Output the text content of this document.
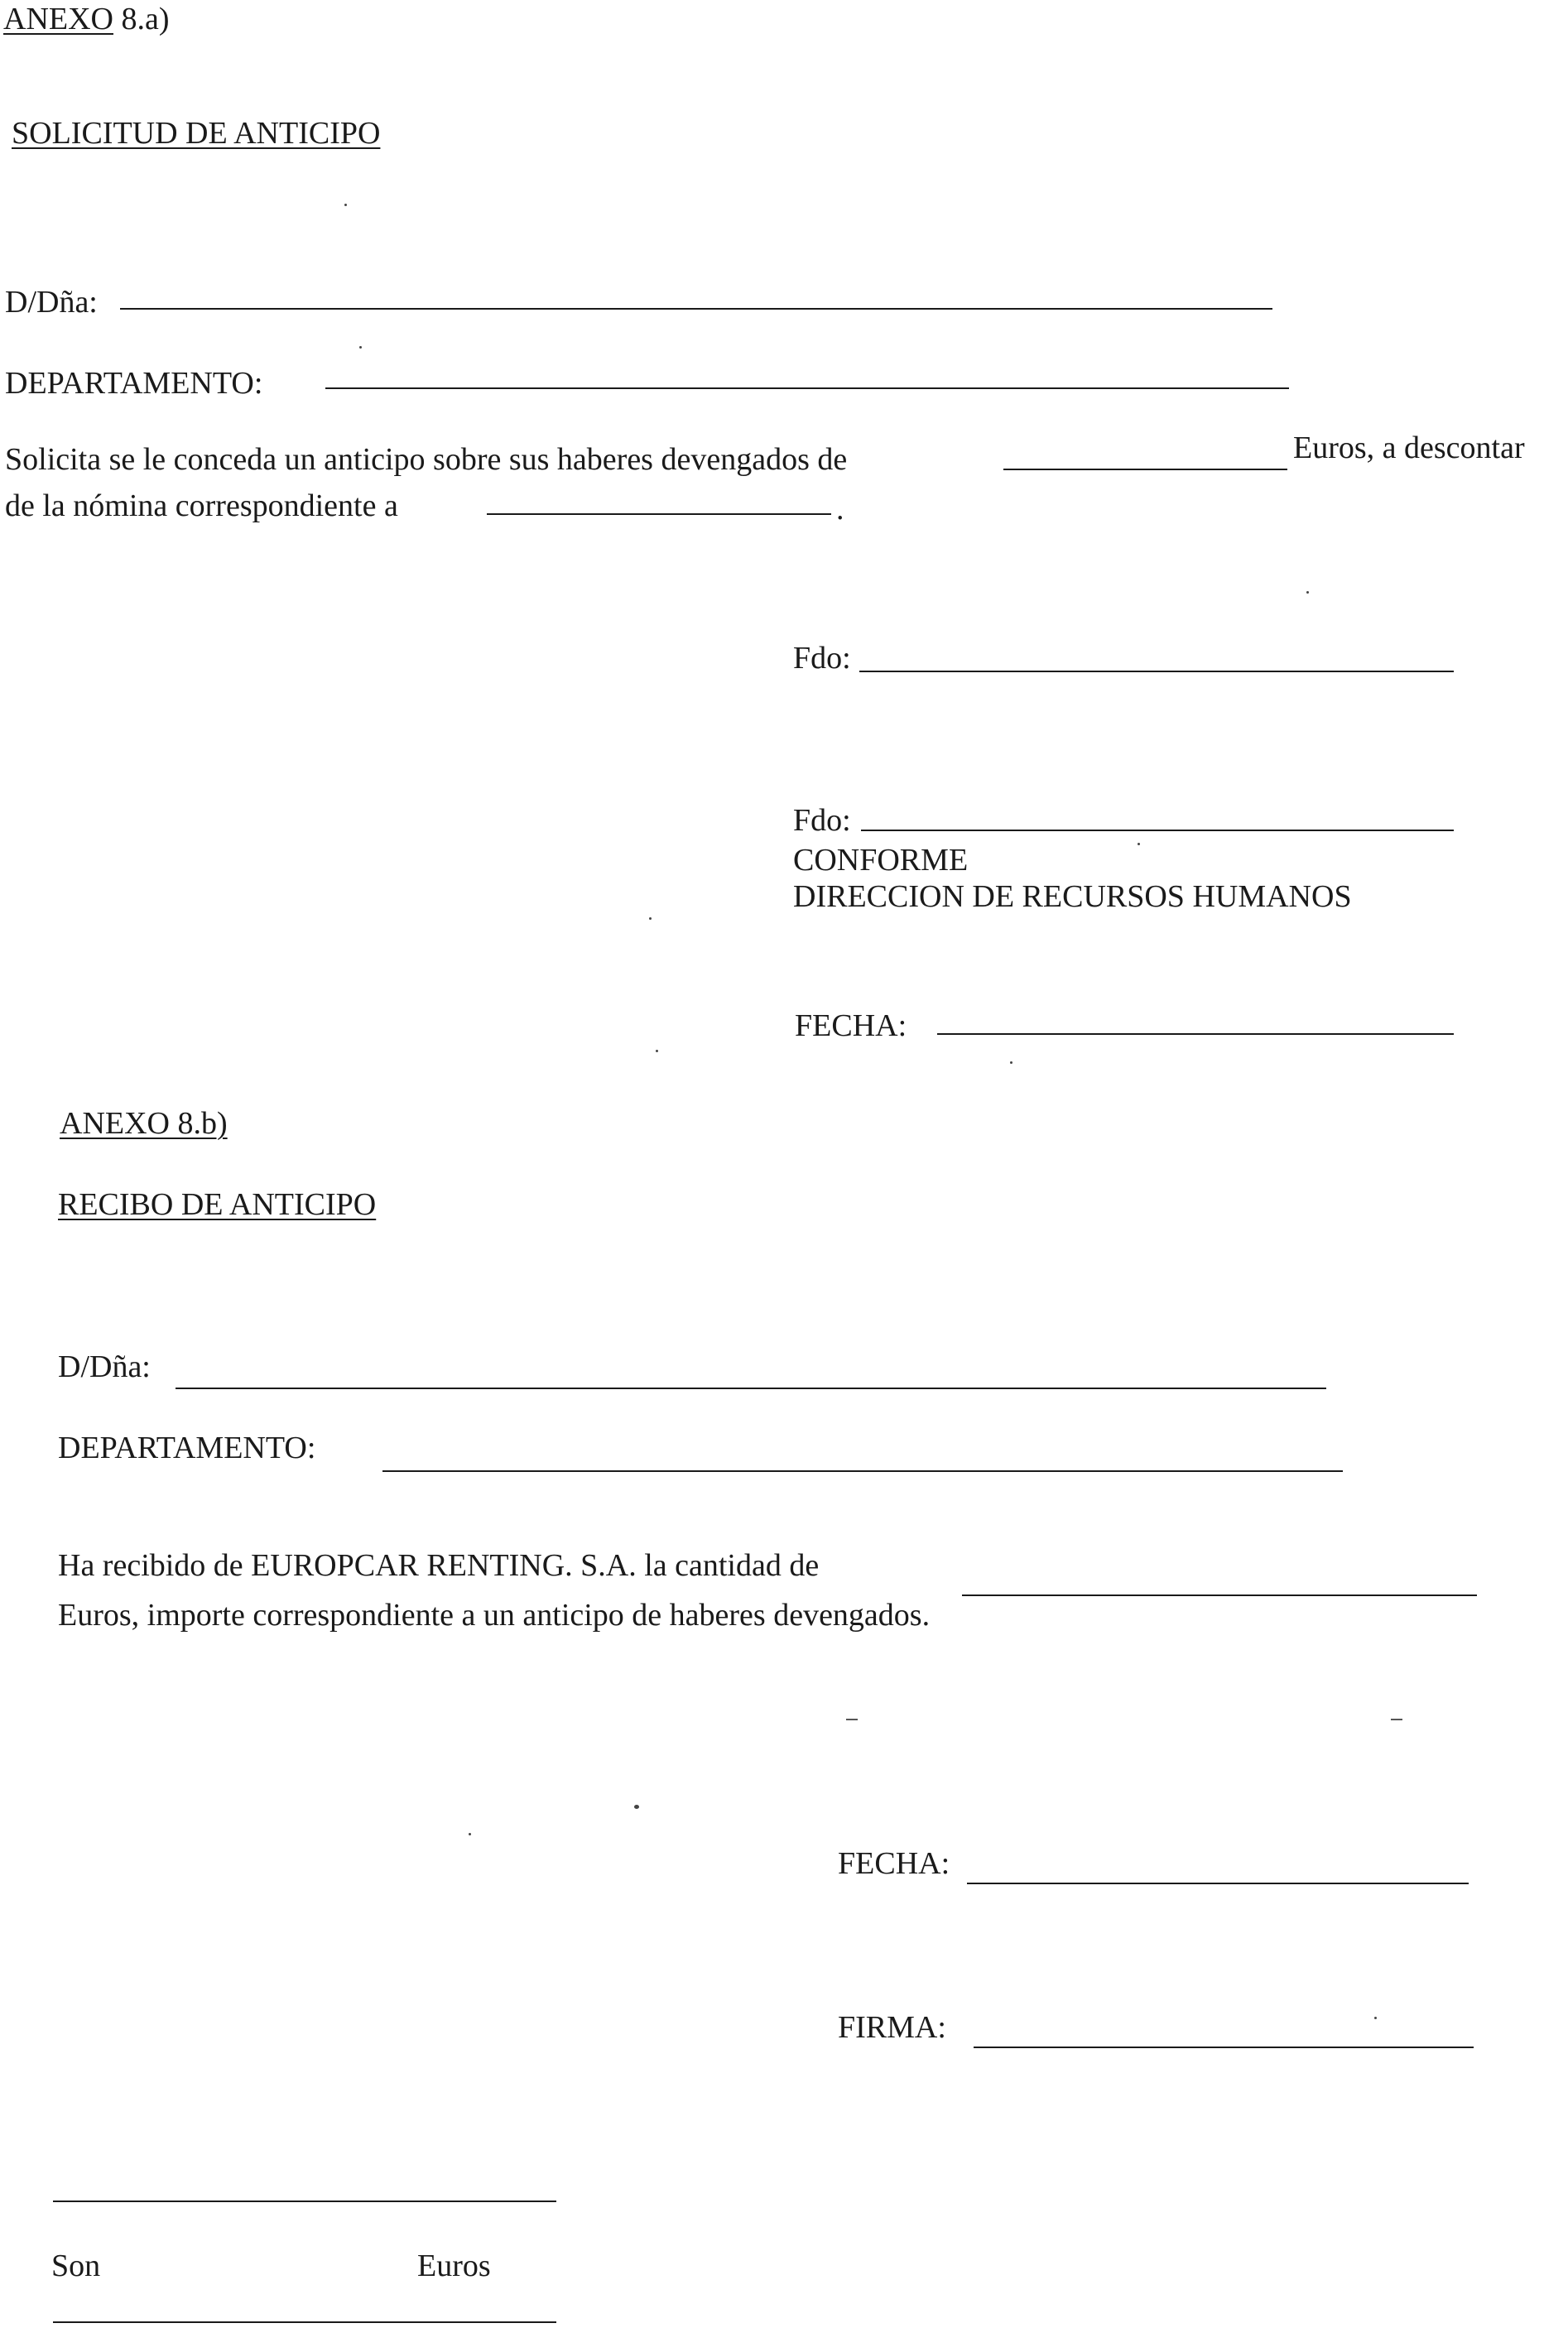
ANEXO 8.a)
SOLICITUD DE ANTICIPO
D/Dña:
DEPARTAMENTO:
Solicita se le conceda un anticipo sobre sus haberes devengados de	Euros, a descontar
de la nómina correspondiente a	.
Fdo:
Fdo:
CONFORME
DIRECCION DE RECURSOS HUMANOS
FECHA:
ANEXO 8.b)
RECIBO DE ANTICIPO
D/Dña:
DEPARTAMENTO:
Ha recibido de EUROPCAR RENTING. S.A. la cantidad de
Euros, importe correspondiente a un anticipo de haberes devengados.
FECHA:
FIRMA:
Son	Euros
